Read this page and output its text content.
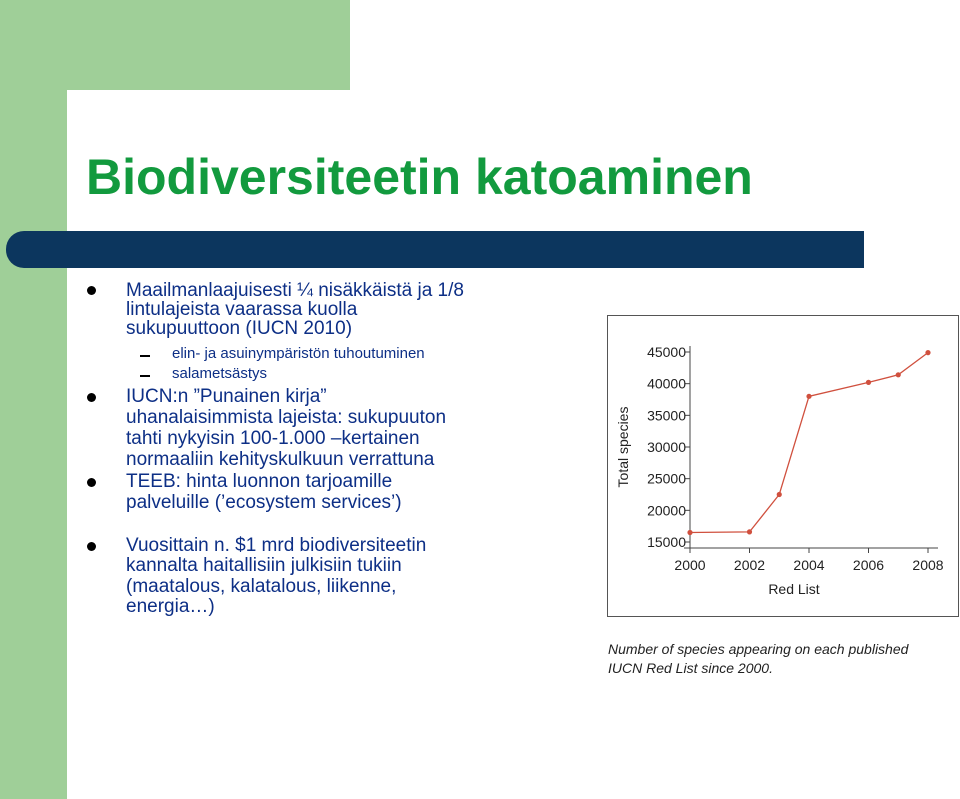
Biodiversiteetin katoaminen
Maailmanlaajuisesti ¼ nisäkkäistä ja 1/8
lintulajeista vaarassa kuolla
sukupuuttoon (IUCN 2010)
elin- ja asuinympäristön tuhoutuminen
salametsästys
IUCN:n ”Punainen kirja”
uhanalaisimmista lajeista: sukupuuton
tahti nykyisin 100-1.000 –kertainen
normaaliin kehityskulkuun verrattuna
TEEB: hinta luonnon tarjoamille
palveluille (’ecosystem services’)
Vuosittain n. $1 mrd biodiversiteetin
kannalta haitallisiin julkisiin tukiin
(maatalous, kalatalous, liikenne,
energia…)
15000
20000
25000
30000
35000
40000
45000
2000 2002 2004 2006 2008
Total species
Red List
Number of species appearing on each published
IUCN Red List since 2000.
